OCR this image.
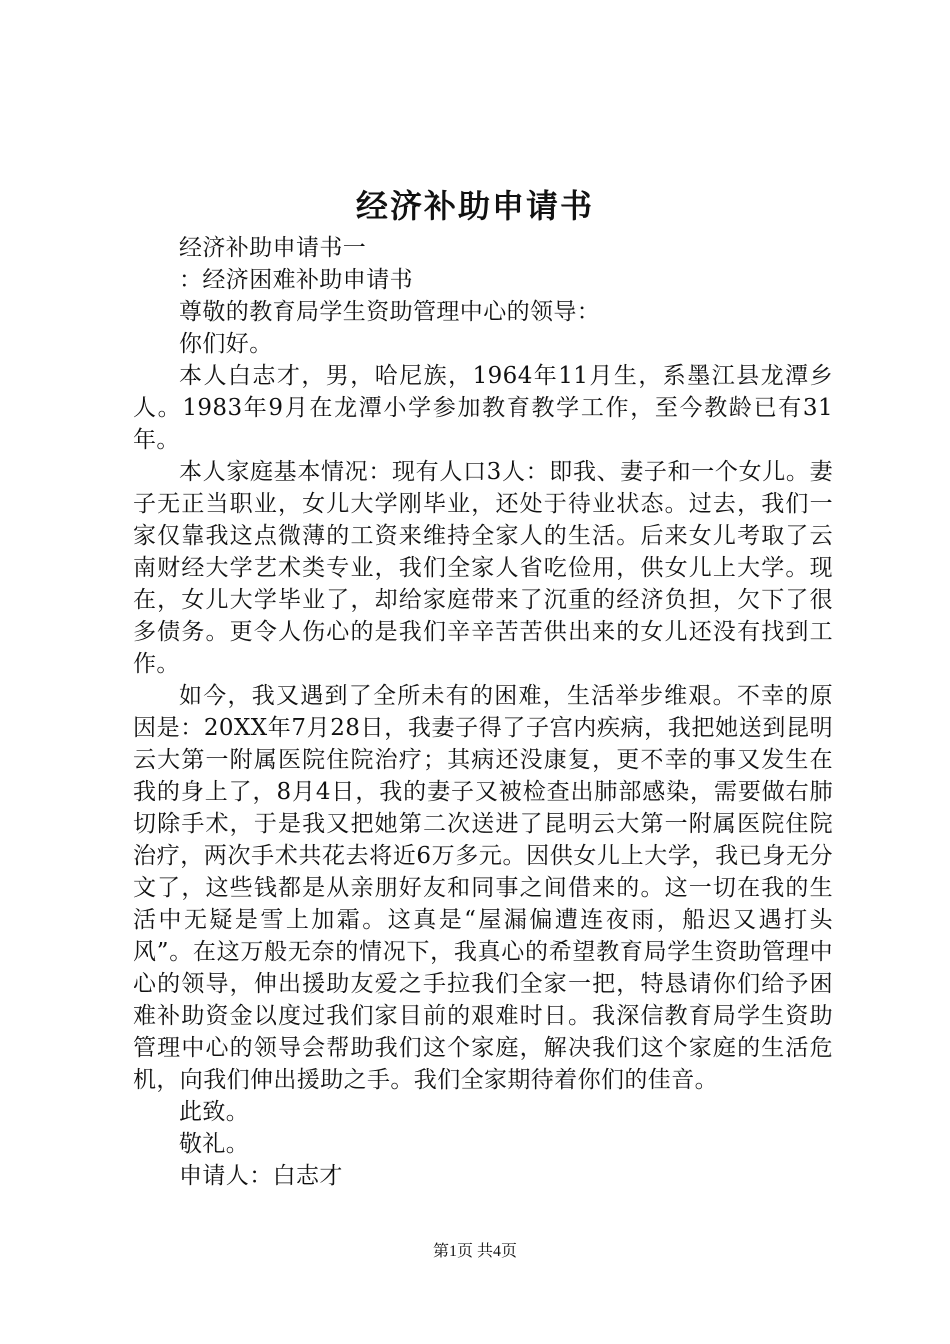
经济补助申请书

经济补助申请书一

：经济困难补助申请书

尊敬的教育局学生资助管理中心的领导：

你们好。

本人白志才，男，哈尼族，1964年11月生，系墨江县龙潭乡人。1983年9月在龙潭小学参加教育教学工作，至今教龄已有31年。

本人家庭基本情况：现有人口3人：即我、妻子和一个女儿。妻子无正当职业，女儿大学刚毕业，还处于待业状态。过去，我们一家仅靠我这点微薄的工资来维持全家人的生活。后来女儿考取了云南财经大学艺术类专业，我们全家人省吃俭用，供女儿上大学。现在，女儿大学毕业了，却给家庭带来了沉重的经济负担，欠下了很多债务。更令人伤心的是我们辛辛苦苦供出来的女儿还没有找到工作。

如今，我又遇到了全所未有的困难，生活举步维艰。不幸的原因是：20XX年7月28日，我妻子得了子宫内疾病，我把她送到昆明云大第一附属医院住院治疗；其病还没康复，更不幸的事又发生在我的身上了，8月4日，我的妻子又被检查出肺部感染，需要做右肺切除手术，于是我又把她第二次送进了昆明云大第一附属医院住院治疗，两次手术共花去将近6万多元。因供女儿上大学，我已身无分文了，这些钱都是从亲朋好友和同事之间借来的。这一切在我的生活中无疑是雪上加霜。这真是“屋漏偏遭连夜雨，船迟又遇打头风”。在这万般无奈的情况下，我真心的希望教育局学生资助管理中心的领导，伸出援助友爱之手拉我们全家一把，特恳请你们给予困难补助资金以度过我们家目前的艰难时日。我深信教育局学生资助管理中心的领导会帮助我们这个家庭，解决我们这个家庭的生活危机，向我们伸出援助之手。我们全家期待着你们的佳音。

此致。

敬礼。

申请人：白志才

第1页 共4页
